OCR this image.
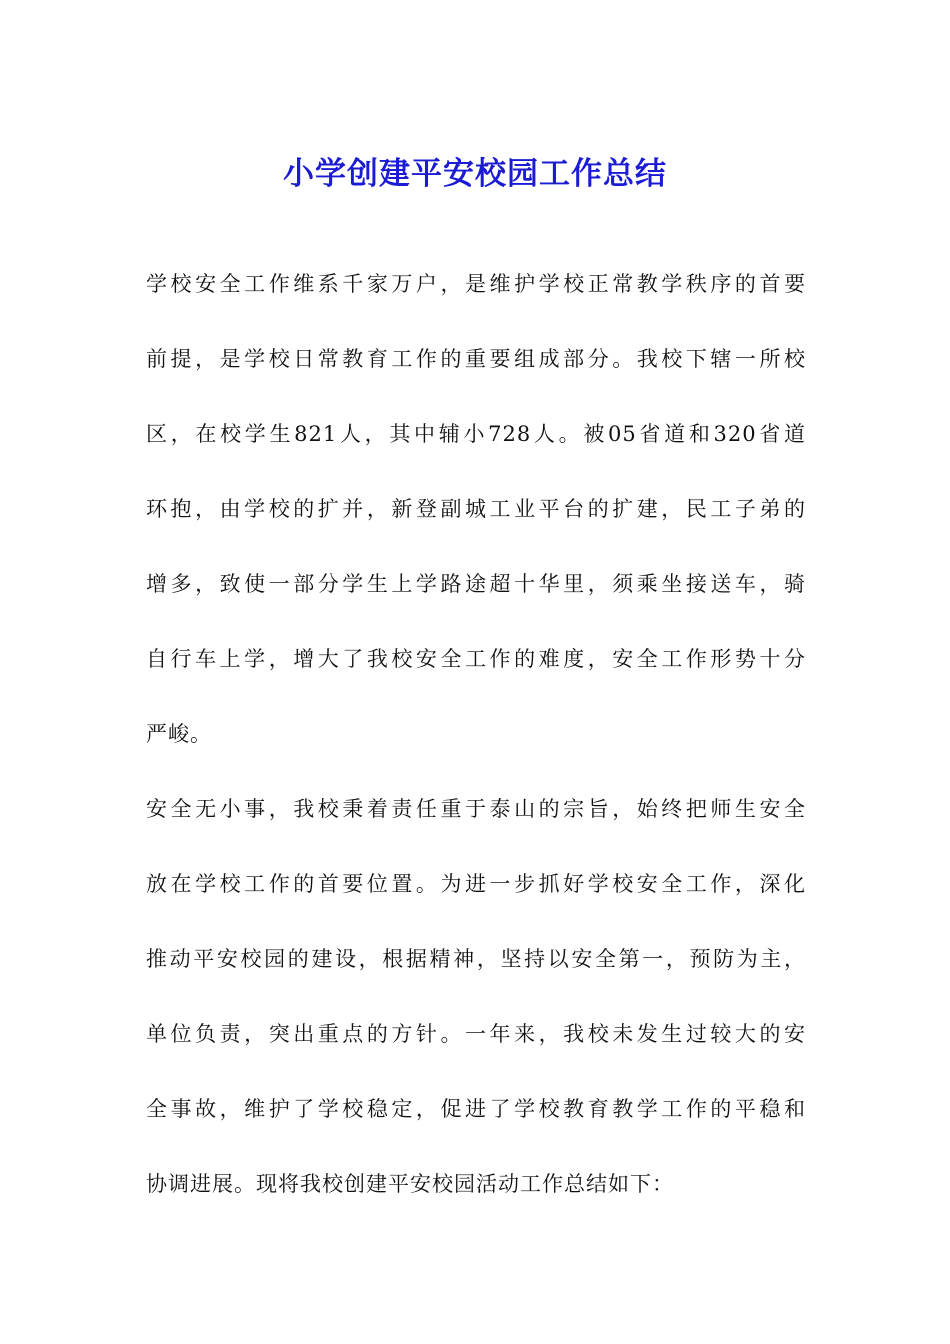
小学创建平安校园工作总结
学校安全工作维系千家万户，是维护学校正常教学秩序的首要
前提，是学校日常教育工作的重要组成部分。我校下辖一所校
区，在校学生821人，其中辅小728人。被05省道和320省道
环抱，由学校的扩并，新登副城工业平台的扩建，民工子弟的
增多，致使一部分学生上学路途超十华里，须乘坐接送车，骑
自行车上学，增大了我校安全工作的难度，安全工作形势十分
严峻。
安全无小事，我校秉着责任重于泰山的宗旨，始终把师生安全
放在学校工作的首要位置。为进一步抓好学校安全工作，深化
推动平安校园的建设，根据精神，坚持以安全第一，预防为主，
单位负责，突出重点的方针。一年来，我校未发生过较大的安
全事故，维护了学校稳定，促进了学校教育教学工作的平稳和
协调进展。现将我校创建平安校园活动工作总结如下：
